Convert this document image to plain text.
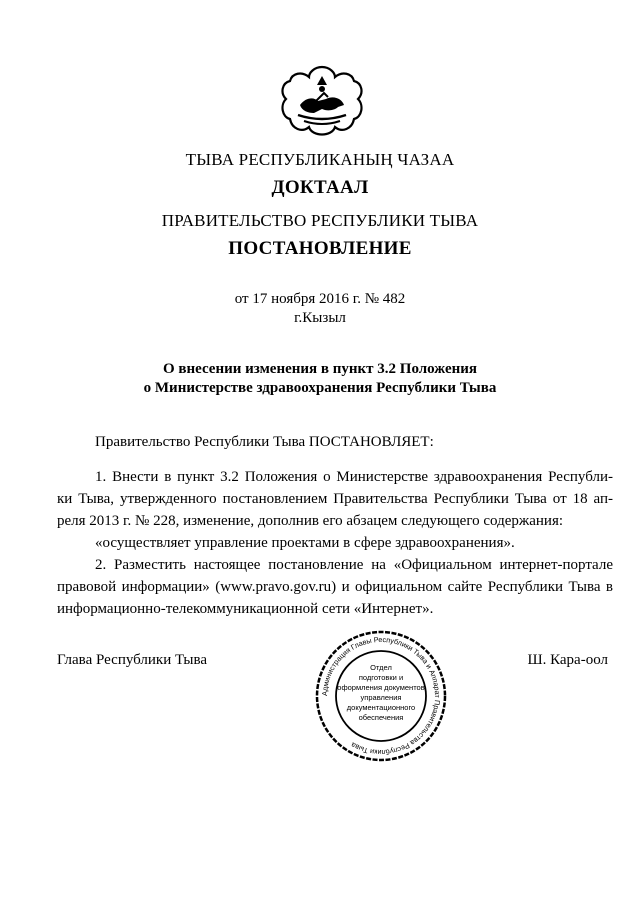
ТЫВА РЕСПУБЛИКАНЫҢ ЧАЗАА
ДОКТААЛ
ПРАВИТЕЛЬСТВО РЕСПУБЛИКИ ТЫВА
ПОСТАНОВЛЕНИЕ
от 17 ноября 2016 г. № 482
г.Кызыл
О внесении изменения в пункт 3.2 Положения
о Министерстве здравоохранения Республики Тыва
Правительство Республики Тыва ПОСТАНОВЛЯЕТ:
1. Внести в пункт 3.2 Положения о Министерстве здравоохранения Республи-
ки Тыва, утвержденного постановлением Правительства Республики Тыва от 18 ап-
реля 2013 г. № 228, изменение, дополнив его абзацем следующего содержания:
«осуществляет управление проектами в сфере здравоохранения».
2. Разместить настоящее постановление на «Официальном интернет-портале
правовой информации» (www.pravo.gov.ru) и официальном сайте Республики Тыва в
информационно-телекоммуникационной сети «Интернет».
Глава Республики Тыва	Ш. Кара-оол
Администрация Главы Республики Тыва и Аппарат Правительства Республики Тыва
Отдел
подготовки и
оформления документов
управления
документационного
обеспечения
